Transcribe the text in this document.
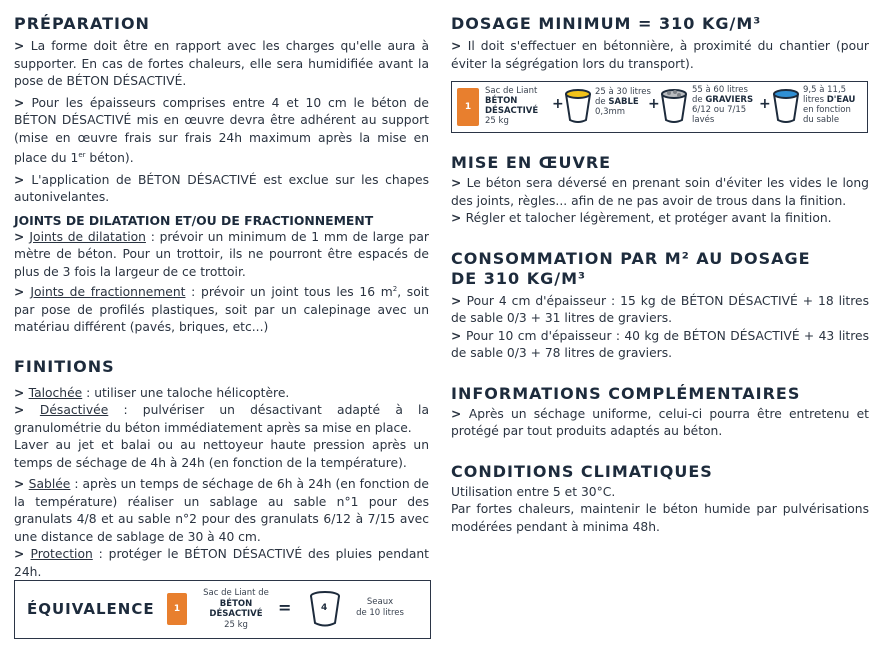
PRÉPARATION

> La forme doit être en rapport avec les charges qu'elle aura à supporter. En cas de fortes chaleurs, elle sera humidifiée avant la pose de BÉTON DÉSACTIVÉ.

> Pour les épaisseurs comprises entre 4 et 10 cm le béton de BÉTON DÉSACTIVÉ mis en œuvre devra être adhérent au support (mise en œuvre frais sur frais 24h maximum après la mise en place du 1er béton).

> L'application de BÉTON DÉSACTIVÉ est exclue sur les chapes autonivelantes.

JOINTS DE DILATATION ET/OU DE FRACTIONNEMENT

> Joints de dilatation : prévoir un minimum de 1 mm de large par mètre de béton. Pour un trottoir, ils ne pourront être espacés de plus de 3 fois la largeur de ce trottoir.

> Joints de fractionnement : prévoir un joint tous les 16 $m^2$, soit par pose de profilés plastiques, soit par un calepinage avec un matériau différent (pavés, briques, etc...)

FINITIONS

> Talochée : utiliser une taloche hélicoptère.

> Désactivée : pulvériser un désactivant adapté à la granulométrie du béton immédiatement après sa mise en place.

Laver au jet et balai ou au nettoyeur haute pression après un temps de séchage de 4h à 24h (en fonction de la température).

> Sablée : après un temps de séchage de 6h à 24h (en fonction de la température) réaliser un sablage au sable n°1 pour des granulats 4/8 et au sable n°2 pour des granulats 6/12 à 7/15 avec une distance de sablage de 30 à 40 cm.

> Protection : protéger le BÉTON DÉSACTIVÉ des pluies pendant 24h.

ÉQUIVALENCE	1
Sac de Liant de
BÉTON
DÉSACTIVÉ
25 kg
=	4
Seaux
de 10 litres
DOSAGE MINIMUM = 310 KG/M³

> Il doit s'effectuer en bétonnière, à proximité du chantier (pour éviter la ségrégation lors du transport).

1
Sac de Liant
BÉTON
DÉSACTIVÉ
25 kg
+
25 à 30 litres
de SABLE
0,3mm	+
55 à 60 litres
de GRAVIERS
6/12 ou 7/15
lavés
+
9,5 à 11,5
litres D'EAU
en fonction
du sable
MISE EN ŒUVRE

> Le béton sera déversé en prenant soin d'éviter les vides le long des joints, règles... afin de ne pas avoir de trous dans la finition.

> Régler et talocher légèrement, et protéger avant la finition.

CONSOMMATION PAR M² AU DOSAGE
DE 310 KG/M³

> Pour 4 cm d'épaisseur : 15 kg de BÉTON DÉSACTIVÉ + 18 litres de sable 0/3 + 31 litres de graviers.

> Pour 10 cm d'épaisseur : 40 kg de BÉTON DÉSACTIVÉ + 43 litres de sable 0/3 + 78 litres de graviers.

INFORMATIONS COMPLÉMENTAIRES

> Après un séchage uniforme, celui-ci pourra être entretenu et protégé par tout produits adaptés au béton.

CONDITIONS CLIMATIQUES

Utilisation entre 5 et 30°C.

Par fortes chaleurs, maintenir le béton humide par pulvérisations modérées pendant à minima 48h.
